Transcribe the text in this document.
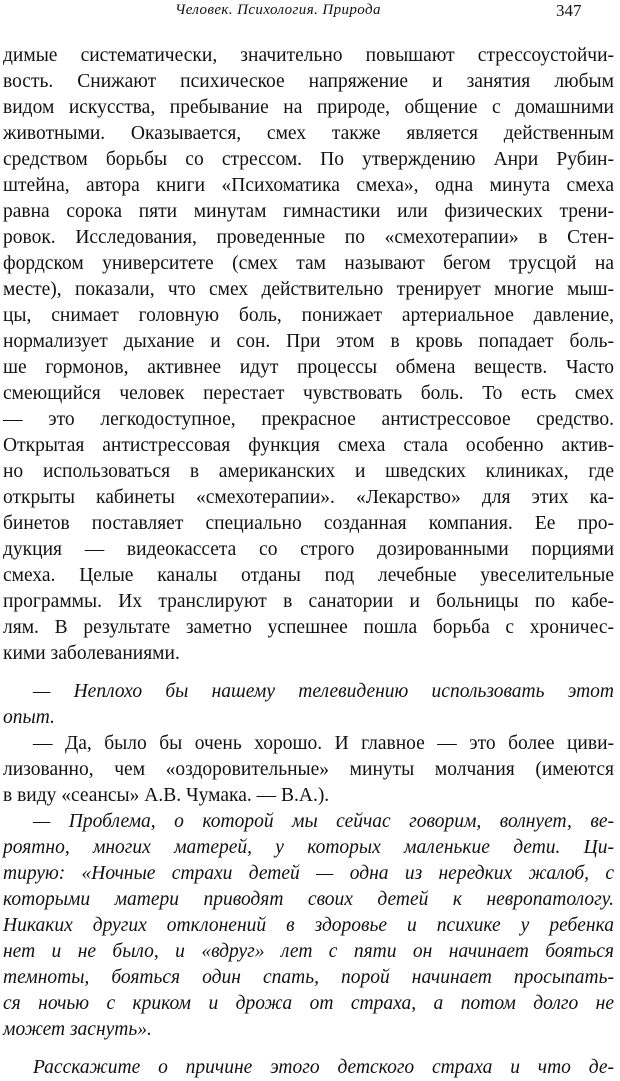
Человек. Психология. Природа	347
димые систематически, значительно повышают стрессоустойчи-
вость. Снижают психическое напряжение и занятия любым
видом искусства, пребывание на природе, общение с домашними
животными. Оказывается, смех также является действенным
средством борьбы со стрессом. По утверждению Анри Рубин-
штейна, автора книги «Психоматика смеха», одна минута смеха
равна сорока пяти минутам гимнастики или физических трени-
ровок. Исследования, проведенные по «смехотерапии» в Стен-
фордском университете (смех там называют бегом трусцой на
месте), показали, что смех действительно тренирует многие мыш-
цы, снимает головную боль, понижает артериальное давление,
нормализует дыхание и сон. При этом в кровь попадает боль-
ше гормонов, активнее идут процессы обмена веществ. Часто
смеющийся человек перестает чувствовать боль. То есть смех
— это легкодоступное, прекрасное антистрессовое средство.
Открытая антистрессовая функция смеха стала особенно актив-
но использоваться в американских и шведских клиниках, где
открыты кабинеты «смехотерапии». «Лекарство» для этих ка-
бинетов поставляет специально созданная компания. Ее про-
дукция — видеокассета со строго дозированными порциями
смеха. Целые каналы отданы под лечебные увеселительные
программы. Их транслируют в санатории и больницы по кабе-
лям. В результате заметно успешнее пошла борьба с хроничес-
кими заболеваниями.
— Неплохо бы нашему телевидению использовать этот
опыт.
— Да, было бы очень хорошо. И главное — это более циви-
лизованно, чем «оздоровительные» минуты молчания (имеются
в виду «сеансы» А.В. Чумака. — В.А.).
— Проблема, о которой мы сейчас говорим, волнует, ве-
роятно, многих матерей, у которых маленькие дети. Ци-
тирую: «Ночные страхи детей — одна из нередких жалоб, с
которыми матери приводят своих детей к невропатологу.
Никаких других отклонений в здоровье и психике у ребенка
нет и не было, и «вдруг» лет с пяти он начинает бояться
темноты, бояться один спать, порой начинает просыпать-
ся ночью с криком и дрожа от страха, а потом долго не
может заснуть».
Расскажите о причине этого детского страха и что де-
